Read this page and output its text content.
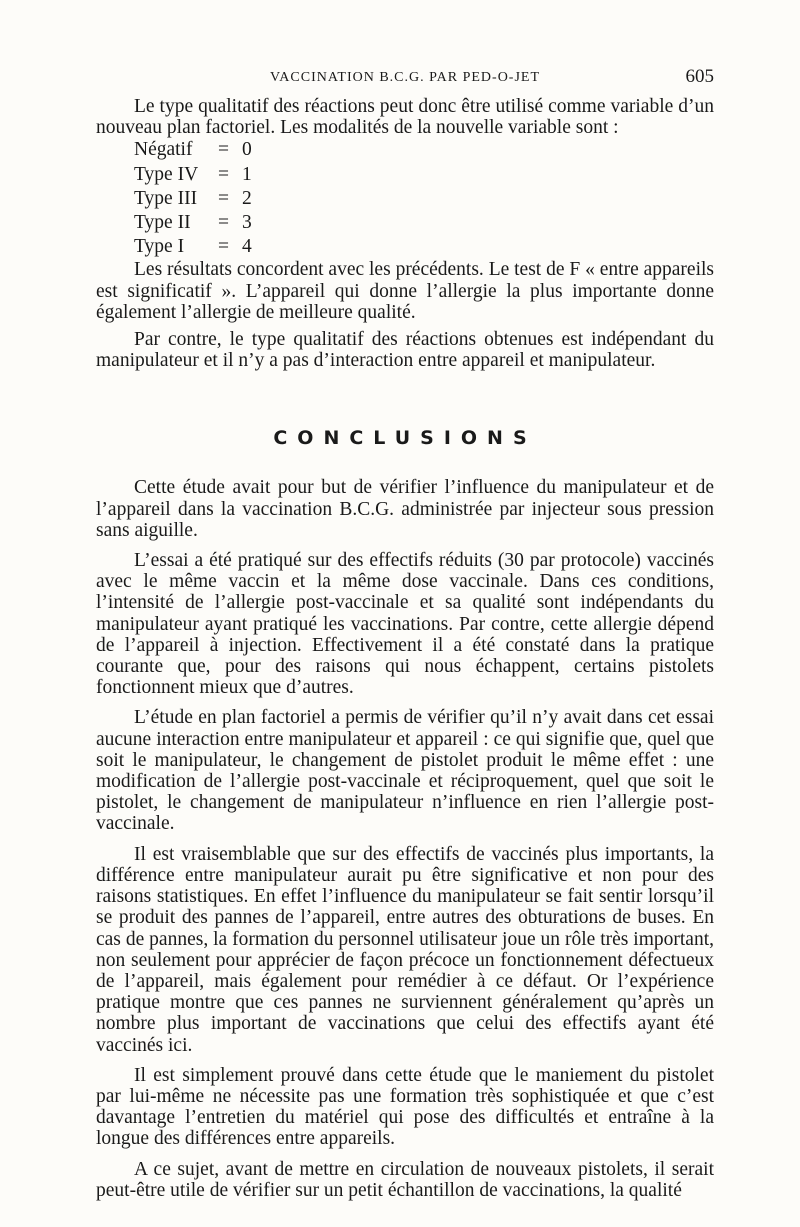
VACCINATION B.C.G. PAR PED-O-JET	605

Le type qualitatif des réactions peut donc être utilisé comme variable d’un nouveau plan factoriel. Les modalités de la nouvelle variable sont :

Négatif	=	0
Type IV	=	1
Type III	=	2
Type II	=	3
Type I	=	4

Les résultats concordent avec les précédents. Le test de F « entre appareils est significatif ». L’appareil qui donne l’allergie la plus importante donne également l’allergie de meilleure qualité.

Par contre, le type qualitatif des réactions obtenues est indépendant du manipulateur et il n’y a pas d’interaction entre appareil et manipulateur.

CONCLUSIONS

Cette étude avait pour but de vérifier l’influence du manipulateur et de l’appareil dans la vaccination B.C.G. administrée par injecteur sous pression sans aiguille.

L’essai a été pratiqué sur des effectifs réduits (30 par protocole) vaccinés avec le même vaccin et la même dose vaccinale. Dans ces conditions, l’intensité de l’allergie post-vaccinale et sa qualité sont indépendants du manipulateur ayant pratiqué les vaccinations. Par contre, cette allergie dépend de l’appareil à injection. Effectivement il a été constaté dans la pratique courante que, pour des raisons qui nous échappent, certains pistolets fonctionnent mieux que d’autres.

L’étude en plan factoriel a permis de vérifier qu’il n’y avait dans cet essai aucune interaction entre manipulateur et appareil : ce qui signifie que, quel que soit le manipulateur, le changement de pistolet produit le même effet : une modification de l’allergie post-vaccinale et réciproquement, quel que soit le pistolet, le changement de manipulateur n’influence en rien l’allergie post-vaccinale.

Il est vraisemblable que sur des effectifs de vaccinés plus importants, la différence entre manipulateur aurait pu être significative et non pour des raisons statistiques. En effet l’influence du manipulateur se fait sentir lorsqu’il se produit des pannes de l’appareil, entre autres des obturations de buses. En cas de pannes, la formation du personnel utilisateur joue un rôle très important, non seulement pour apprécier de façon précoce un fonctionnement défectueux de l’appareil, mais également pour remédier à ce défaut. Or l’expérience pratique montre que ces pannes ne surviennent généralement qu’après un nombre plus important de vaccinations que celui des effectifs ayant été vaccinés ici.

Il est simplement prouvé dans cette étude que le maniement du pistolet par lui-même ne nécessite pas une formation très sophistiquée et que c’est davantage l’entretien du matériel qui pose des difficultés et entraîne à la longue des différences entre appareils.

A ce sujet, avant de mettre en circulation de nouveaux pistolets, il serait peut-être utile de vérifier sur un petit échantillon de vaccinations, la qualité
